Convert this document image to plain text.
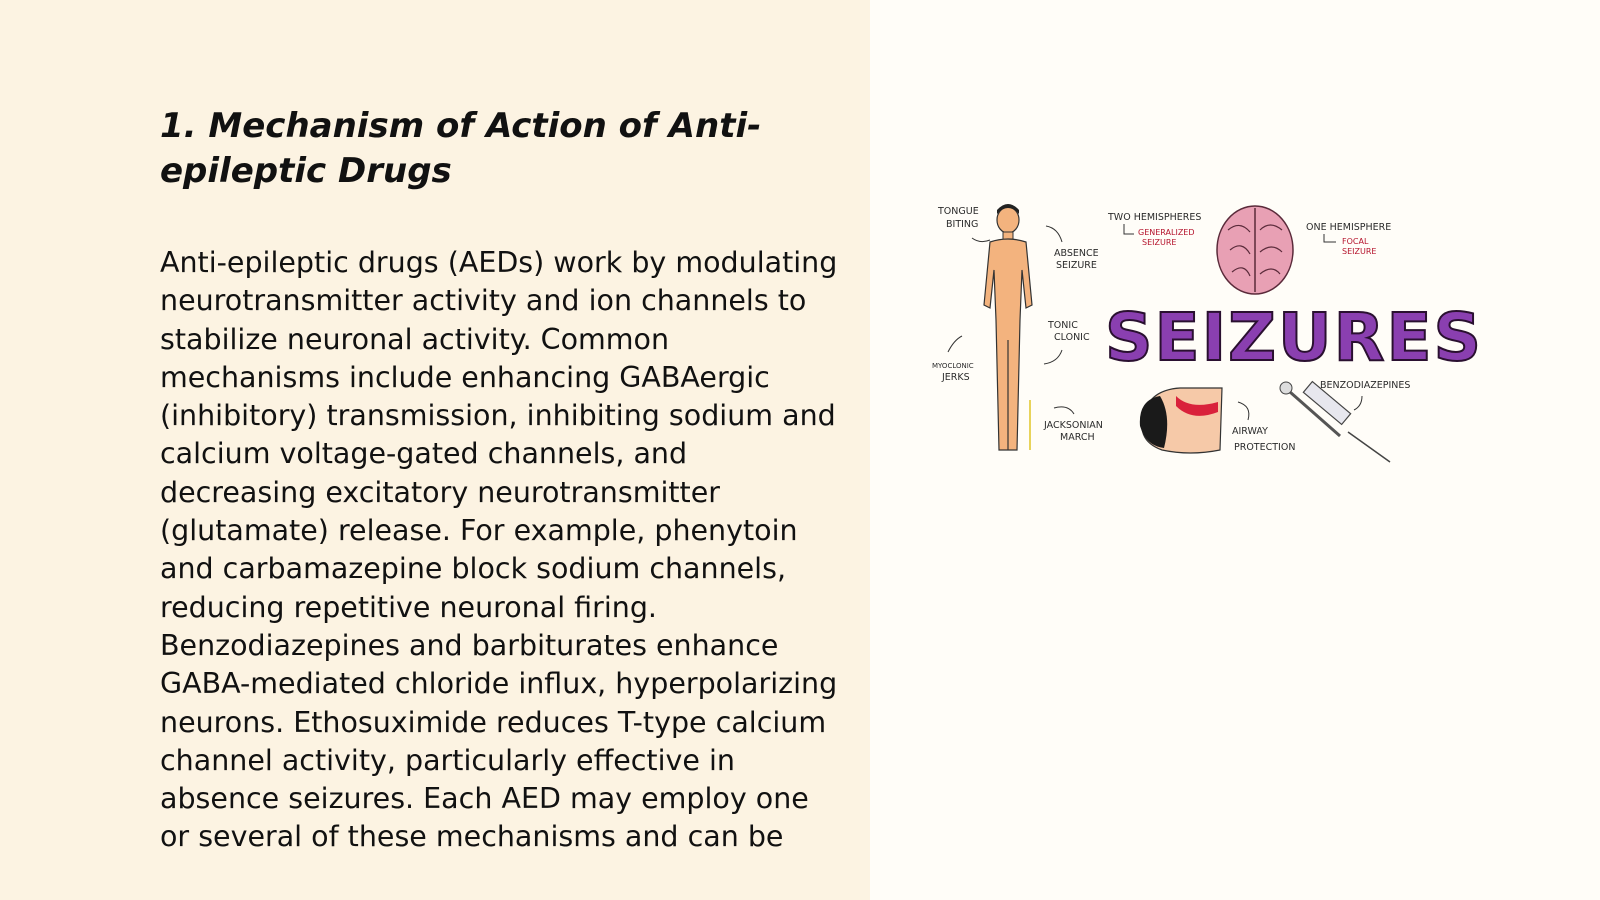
1. Mechanism of Action of Anti-epileptic Drugs

Anti-epileptic drugs (AEDs) work by modulating neurotransmitter activity and ion channels to stabilize neuronal activity. Common mechanisms include enhancing GABAergic (inhibitory) transmission, inhibiting sodium and calcium voltage-gated channels, and decreasing excitatory neurotransmitter (glutamate) release. For example, phenytoin and carbamazepine block sodium channels, reducing repetitive neuronal firing. Benzodiazepines and barbiturates enhance GABA-mediated chloride influx, hyperpolarizing neurons. Ethosuximide reduces T-type calcium channel activity, particularly effective in absence seizures. Each AED may employ one or several of these mechanisms and can be

TONGUE
BITING
ABSENCE
SEIZURE
TONIC
CLONIC
MYOCLONIC
JERKS
JACKSONIAN
MARCH
TWO HEMISPHERES
GENERALIZED
SEIZURE
ONE HEMISPHERE
FOCAL
SEIZURE
SEIZURES
AIRWAY
PROTECTION
BENZODIAZEPINES
